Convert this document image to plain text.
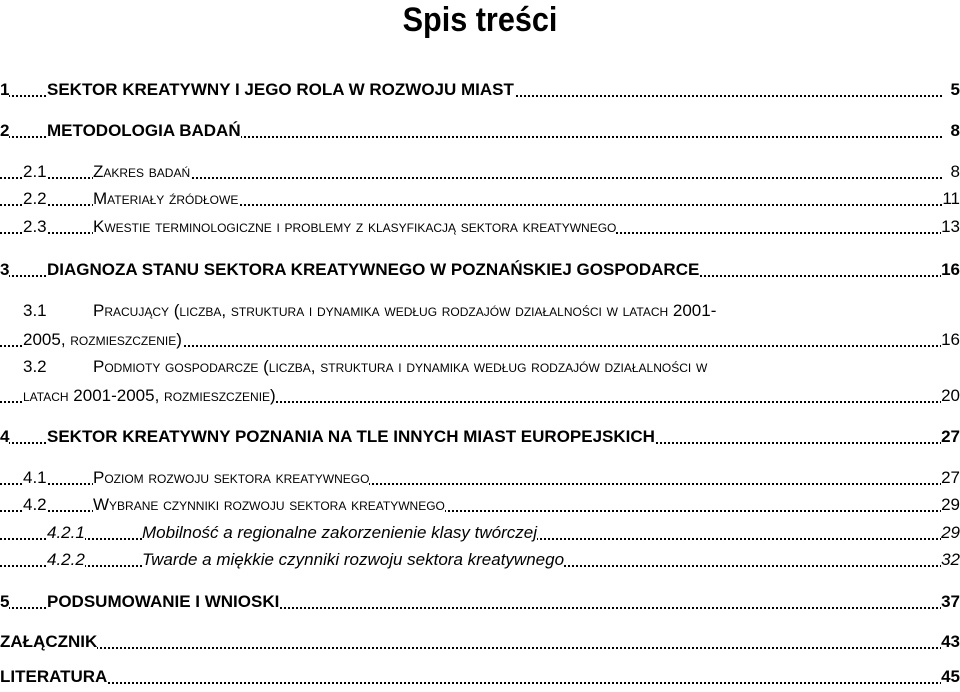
Spis treści
1 SEKTOR KREATYWNY I JEGO ROLA W ROZWOJU MIAST	5
2 METODOLOGIA BADAŃ	8
2.1	Zakres badań	8
2.2	Materiały źródłowe	11
2.3	Kwestie terminologiczne i problemy z klasyfikacją sektora kreatywnego	13
3 DIAGNOZA STANU SEKTORA KREATYWNEGO W POZNAŃSKIEJ GOSPODARCE	16
3.1	Pracujący (liczba, struktura i dynamika według rodzajów działalności w latach 2001-
2005, rozmieszczenie)	16
3.2	Podmioty gospodarcze (liczba, struktura i dynamika według rodzajów działalności w
latach 2001-2005, rozmieszczenie)	20
4 SEKTOR KREATYWNY POZNANIA NA TLE INNYCH MIAST EUROPEJSKICH	27
4.1	Poziom rozwoju sektora kreatywnego	27
4.2	Wybrane czynniki rozwoju sektora kreatywnego	29
4.2.1	Mobilność a regionalne zakorzenienie klasy twórczej	29
4.2.2	Twarde a miękkie czynniki rozwoju sektora kreatywnego	32
5 PODSUMOWANIE I WNIOSKI	37
ZAŁĄCZNIK	43
LITERATURA	45
